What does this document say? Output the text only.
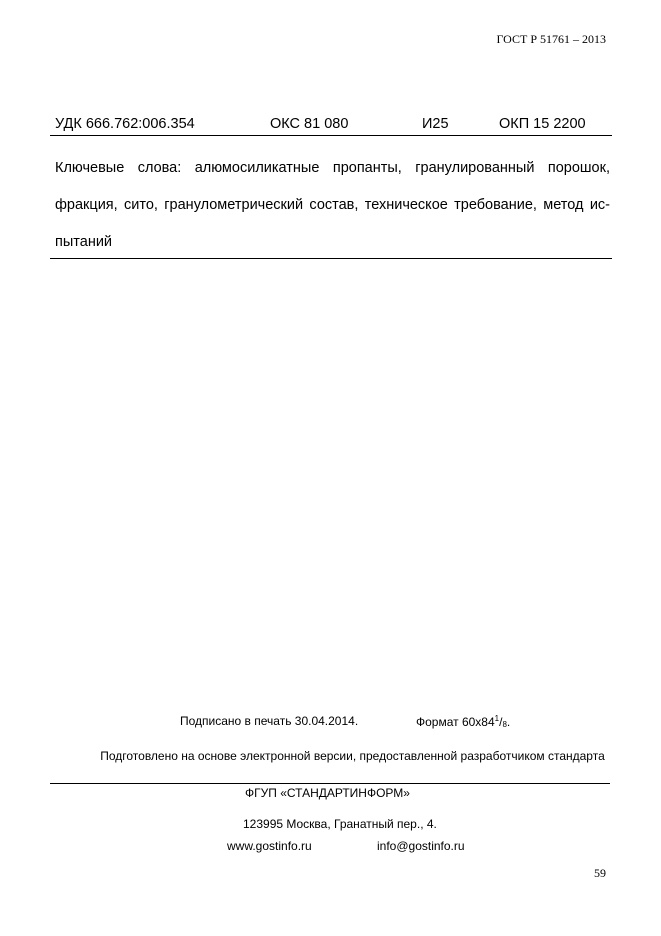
ГОСТ Р 51761 – 2013
УДК 666.762:006.354	ОКС 81 080	И25	ОКП 15 2200
Ключевые слова: алюмосиликатные пропанты, гранулированный порошок, фракция, сито, гранулометрический состав, техническое требование, метод ис-пытаний
Подписано в печать 30.04.2014.	Формат $60x84^1/_8$.
Подготовлено на основе электронной версии, предоставленной разработчиком стандарта
ФГУП «СТАНДАРТИНФОРМ»
123995 Москва, Гранатный пер., 4.
www.gostinfo.ru	info@gostinfo.ru
59
